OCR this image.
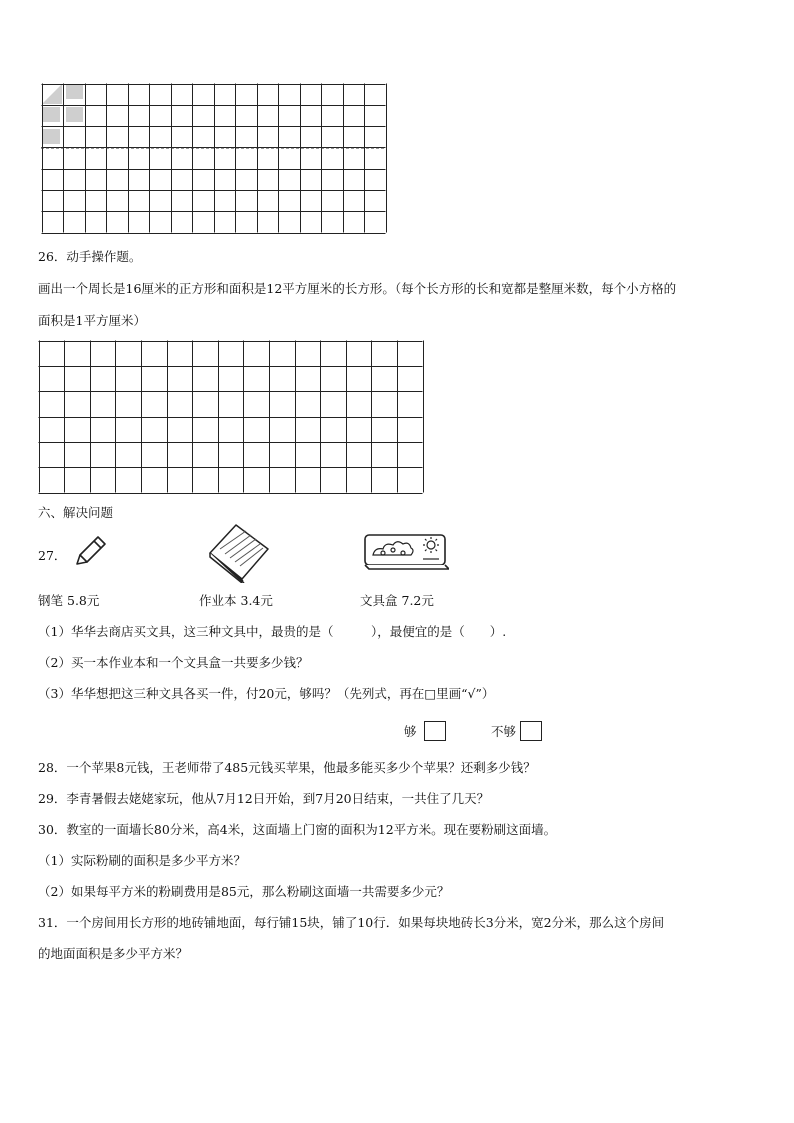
26．动手操作题。
画出一个周长是16厘米的正方形和面积是12平方厘米的长方形。（每个长方形的长和宽都是整厘米数，每个小方格的
面积是1平方厘米）
六、解决问题
27．
钢笔 5.8元	作业本 3.4元	文具盒 7.2元
（1）华华去商店买文具，这三种文具中，最贵的是（　　　），最便宜的是（　　）.
（2）买一本作业本和一个文具盒一共要多少钱？
（3）华华想把这三种文具各买一件，付20元，够吗？（先列式，再在□里画“√”）
够	不够
28．一个苹果8元钱，王老师带了485元钱买苹果，他最多能买多少个苹果？还剩多少钱？
29．李青暑假去姥姥家玩，他从7月12日开始，到7月20日结束，一共住了几天？
30．教室的一面墙长80分米，高4米，这面墙上门窗的面积为12平方米。现在要粉刷这面墙。
（1）实际粉刷的面积是多少平方米？
（2）如果每平方米的粉刷费用是85元，那么粉刷这面墙一共需要多少元？
31．一个房间用长方形的地砖铺地面，每行铺15块，铺了10行．如果每块地砖长3分米，宽2分米，那么这个房间
的地面面积是多少平方米？
